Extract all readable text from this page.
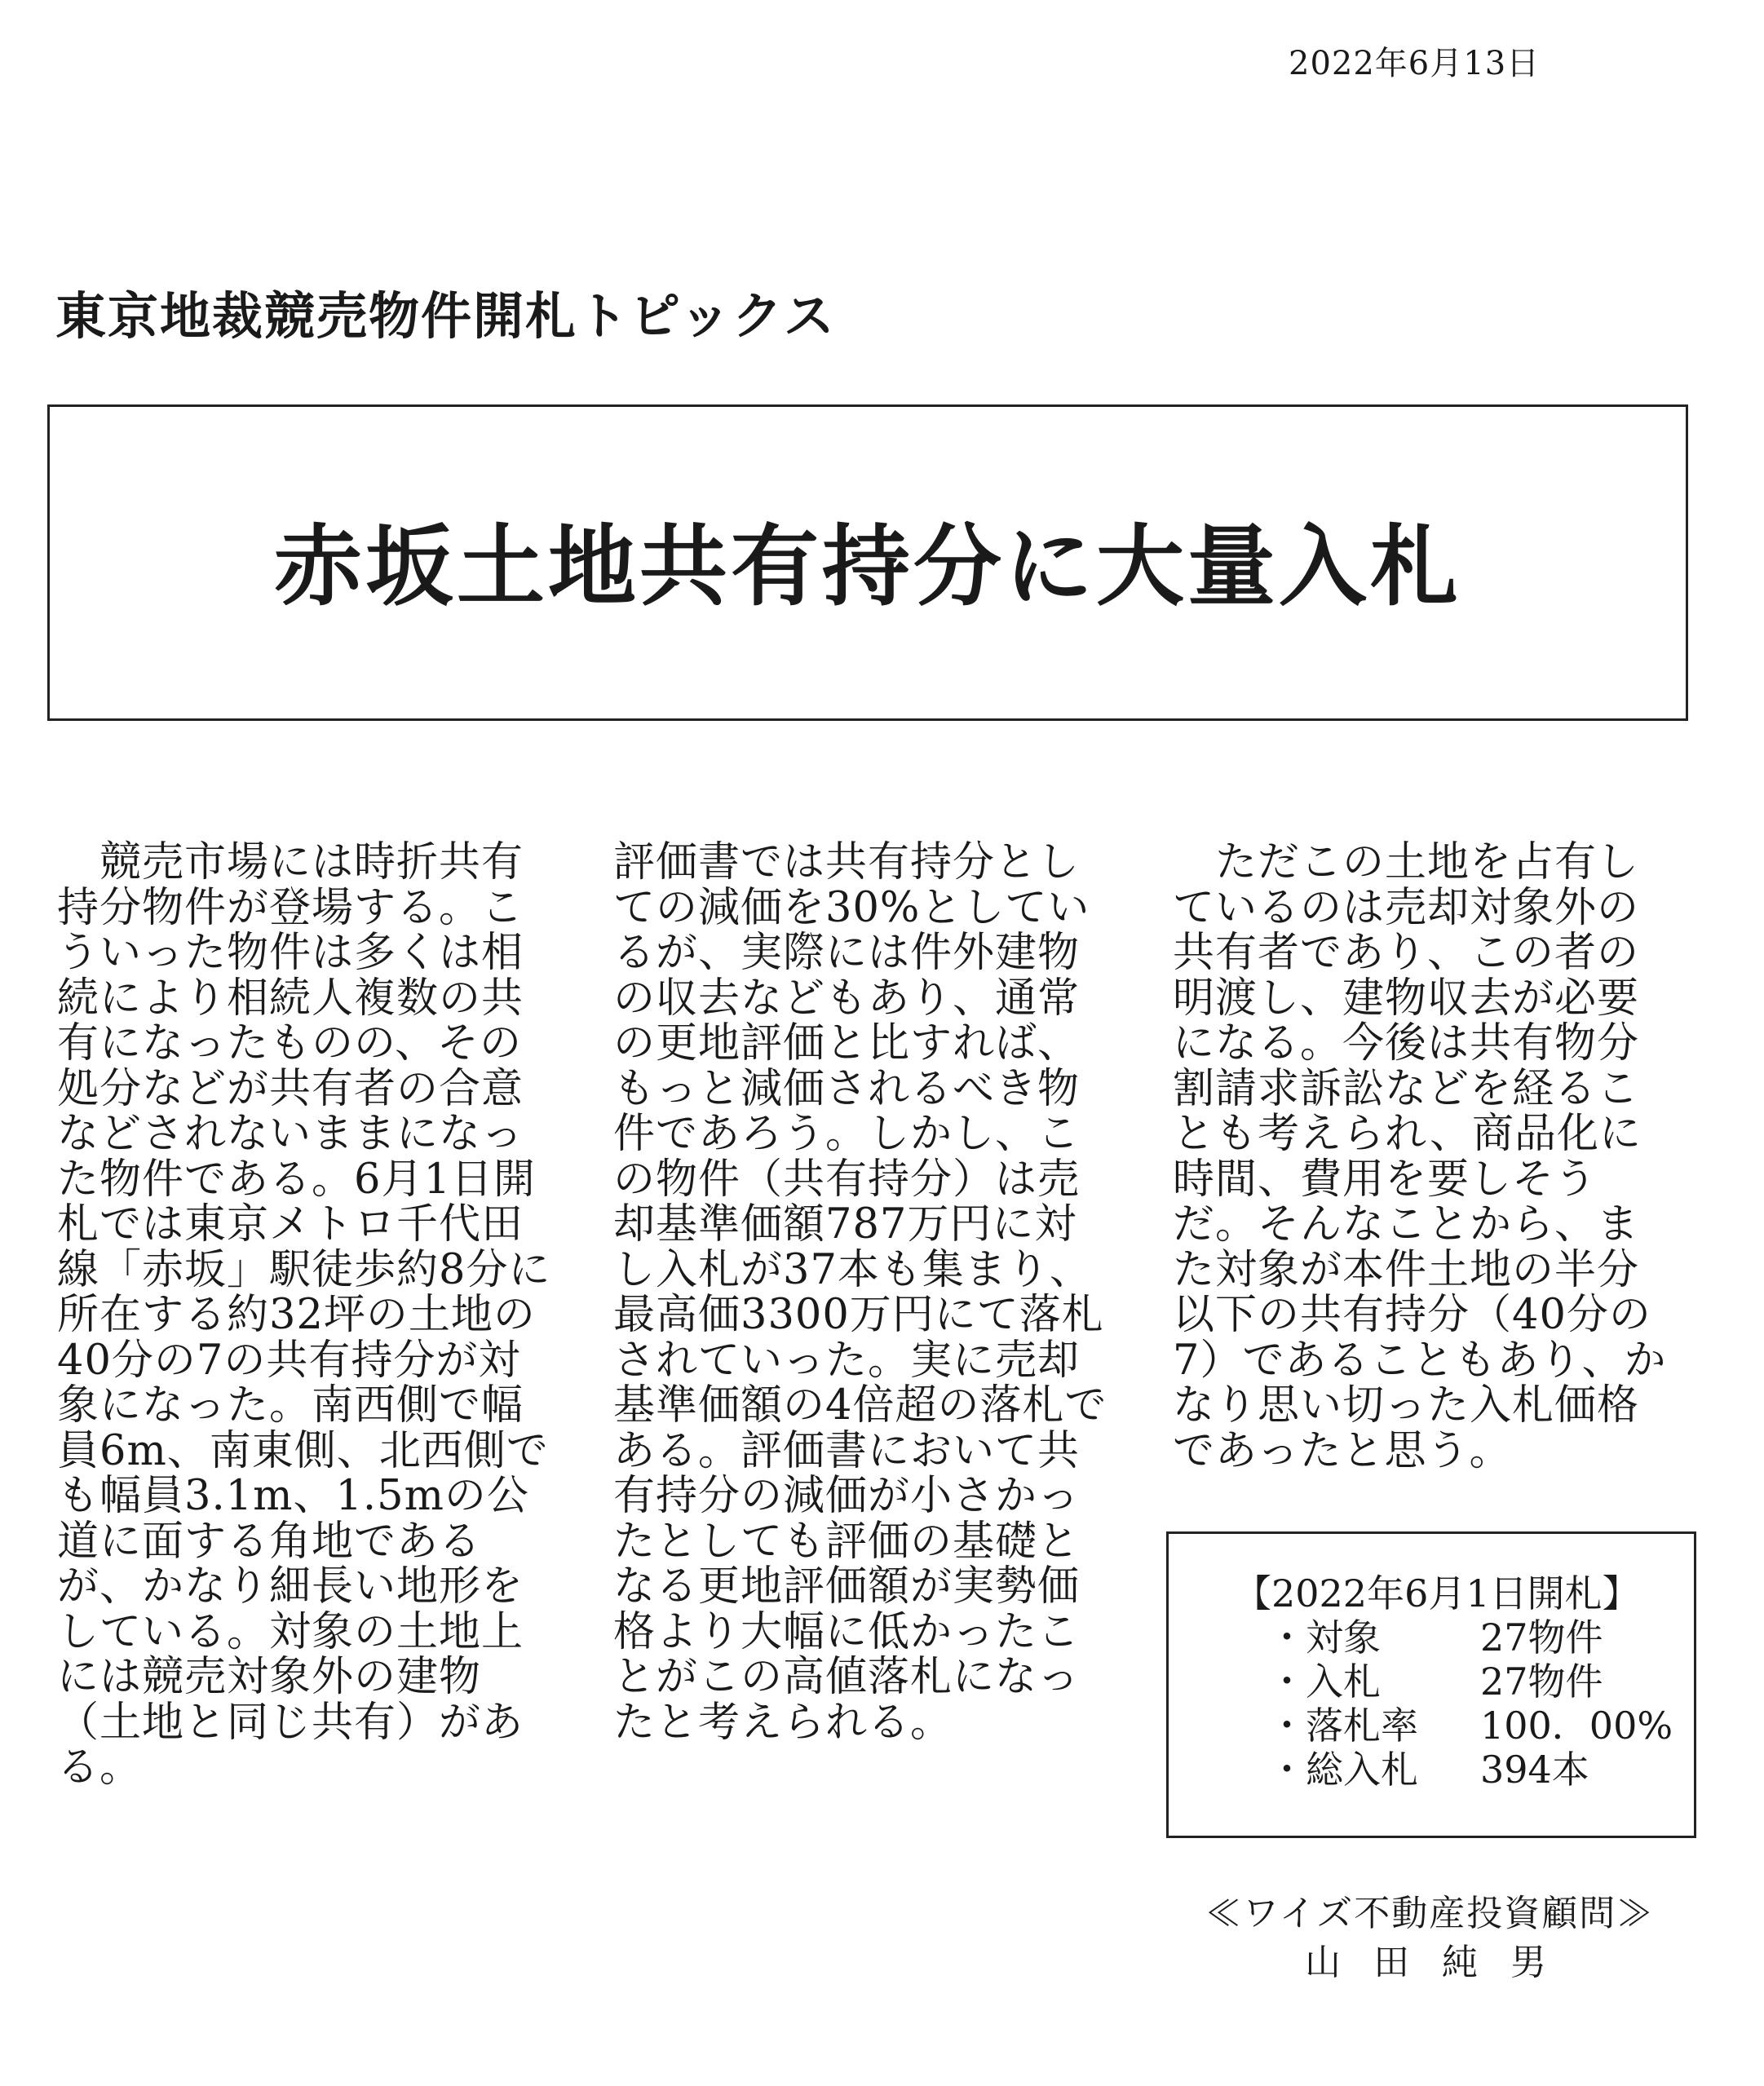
2022年6月13日
東京地裁競売物件開札トピックス
赤坂土地共有持分に大量入札

　競売市場には時折共有持分物件が登場する。こういった物件は多くは相続により相続人複数の共有になったものの、その処分などが共有者の合意などされないままになった物件である。6月1日開札では東京メトロ千代田線「赤坂」駅徒歩約8分に所在する約32坪の土地の40分の7の共有持分が対象になった。南西側で幅員6m、南東側、北西側でも幅員3.1m、1.5mの公道に面する角地であるが、かなり細長い地形をしている。対象の土地上には競売対象外の建物（土地と同じ共有）がある。

評価書では共有持分としての減価を30%としているが、実際には件外建物の収去などもあり、通常の更地評価と比すれば、もっと減価されるべき物件であろう。しかし、この物件（共有持分）は売却基準価額787万円に対し入札が37本も集まり、最高価3300万円にて落札されていった。実に売却基準価額の4倍超の落札である。評価書において共有持分の減価が小さかったとしても評価の基礎となる更地評価額が実勢価格より大幅に低かったことがこの高値落札になったと考えられる。

　ただこの土地を占有しているのは売却対象外の共有者であり、この者の明渡し、建物収去が必要になる。今後は共有物分割請求訴訟などを経ることも考えられ、商品化に時間、費用を要しそうだ。そんなことから、また対象が本件土地の半分以下の共有持分（40分の7）であることもあり、かなり思い切った入札価格であったと思う。

【2022年6月1日開札】
・対象	27物件
・入札	27物件
・落札率	100．00%
・総入札	394本
≪ワイズ不動産投資顧問≫
山田純男
